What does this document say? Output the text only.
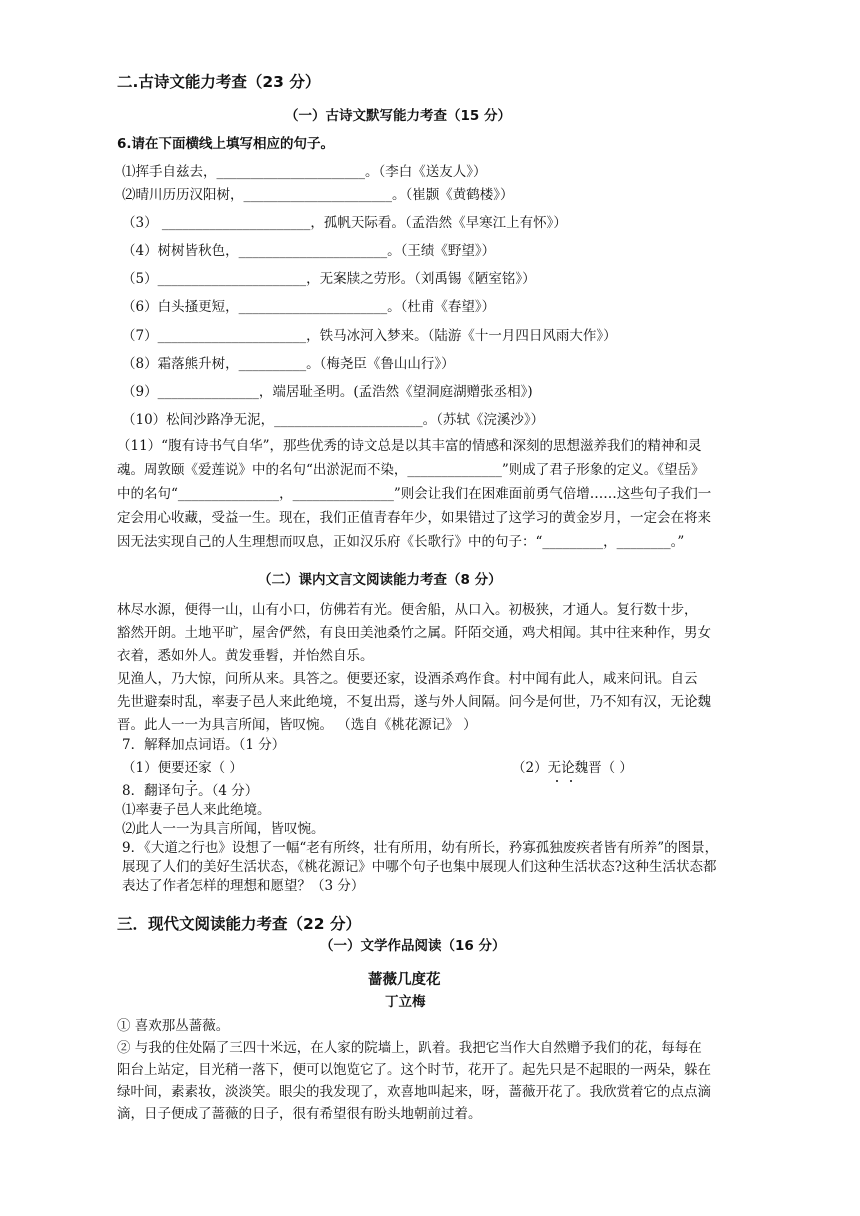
二.古诗文能力考查（23 分）
（一）古诗文默写能力考查（15 分）
6.请在下面横线上填写相应的句子。
⑴挥手自兹去，______________________。（李白《送友人》）
⑵晴川历历汉阳树，______________________。（崔颢《黄鹤楼》）
（3） ______________________，孤帆天际看。（孟浩然《早寒江上有怀》）
（4）树树皆秋色，______________________。（王绩《野望》）
（5）______________________，无案牍之劳形。（刘禹锡《陋室铭》）
（6）白头搔更短，______________________。（杜甫《春望》）
（7）______________________，铁马冰河入梦来。（陆游《十一月四日风雨大作》）
（8）霜落熊升树，__________。（梅尧臣《鲁山山行》）
（9）_______________，端居耻圣明。(孟浩然《望洞庭湖赠张丞相》)
（10）松间沙路净无泥，______________________。（苏轼《浣溪沙》）
（11）“腹有诗书气自华”，那些优秀的诗文总是以其丰富的情感和深刻的思想滋养我们的精神和灵
魂。周敦颐《爱莲说》中的名句“出淤泥而不染，______________”则成了君子形象的定义。《望岳》
中的名句“_______________，_______________”则会让我们在困难面前勇气倍增……这些句子我们一
定会用心收藏，受益一生。现在，我们正值青春年少，如果错过了这学习的黄金岁月，一定会在将来
因无法实现自己的人生理想而叹息，正如汉乐府《长歌行》中的句子：“_________，________。”
（二）课内文言文阅读能力考查（8 分）
林尽水源，便得一山，山有小口，仿佛若有光。便舍船，从口入。初极狭，才通人。复行数十步，
豁然开朗。土地平旷，屋舍俨然，有良田美池桑竹之属。阡陌交通，鸡犬相闻。其中往来种作，男女
衣着，悉如外人。黄发垂髫，并怡然自乐。
见渔人，乃大惊，问所从来。具答之。便要还家，设酒杀鸡作食。村中闻有此人，咸来问讯。自云
先世避秦时乱，率妻子邑人来此绝境，不复出焉，遂与外人间隔。问今是何世，乃不知有汉，无论魏
晋。此人一一为具言所闻，皆叹惋。 （选自《桃花源记》 ）
7．解释加点词语。（1 分）
（1）便要还家（ ）	（2）无论魏晋（ ）
8．翻译句子。（4 分）
⑴率妻子邑人来此绝境。
⑵此人一一为具言所闻，皆叹惋。
9．《大道之行也》设想了一幅“老有所终，壮有所用，幼有所长，矜寡孤独废疾者皆有所养”的图景，
展现了人们的美好生活状态，《桃花源记》中哪个句子也集中展现人们这种生活状态?这种生活状态都
表达了作者怎样的理想和愿望？（3 分）
三．现代文阅读能力考查（22 分）
（一）文学作品阅读（16 分）
蔷薇几度花
丁立梅
① 喜欢那丛蔷薇。
② 与我的住处隔了三四十米远，在人家的院墙上，趴着。我把它当作大自然赠予我们的花，每每在
阳台上站定，目光稍一落下，便可以饱览它了。这个时节，花开了。起先只是不起眼的一两朵，躲在
绿叶间，素素妆，淡淡笑。眼尖的我发现了，欢喜地叫起来，呀，蔷薇开花了。我欣赏着它的点点滴
滴，日子便成了蔷薇的日子，很有希望很有盼头地朝前过着。
